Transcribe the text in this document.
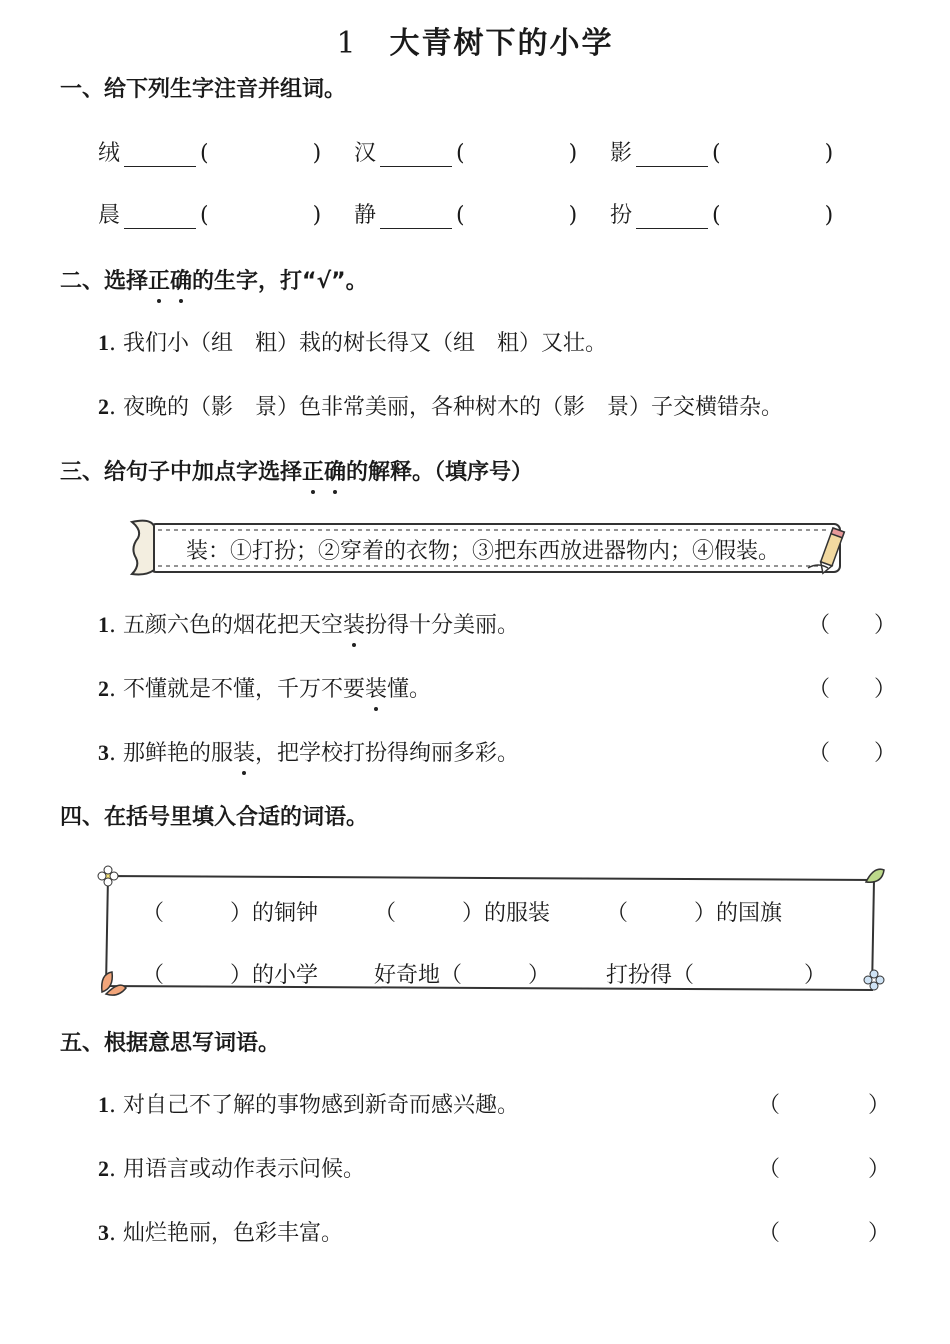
1 大青树下的小学
一、给下列生字注音并组词。
绒	(	) 汉	(	) 影	(	)
晨	(	) 静	(	) 扮	(	)
二、选择正确的生字，打“√”。
1. 我们小（组　粗）栽的树长得又（组　粗）又壮。
2. 夜晚的（影　景）色非常美丽，各种树木的（影　景）子交横错杂。
三、给句子中加点字选择正确的解释。（填序号）
装：①打扮；②穿着的衣物；③把东西放进器物内；④假装。
1. 五颜六色的烟花把天空装扮得十分美丽。	（　　）
2. 不懂就是不懂，千万不要装懂。	（　　）
3. 那鲜艳的服装，把学校打扮得绚丽多彩。	（　　）
四、在括号里填入合适的词语。
（　　　）的铜钟	（　　　）的服装	（　　　）的国旗
（　　　）的小学	好奇地（　　　）	打扮得（　　　　　）
五、根据意思写词语。
1. 对自己不了解的事物感到新奇而感兴趣。	（　　　　）
2. 用语言或动作表示问候。	（　　　　）
3. 灿烂艳丽，色彩丰富。	（　　　　）
